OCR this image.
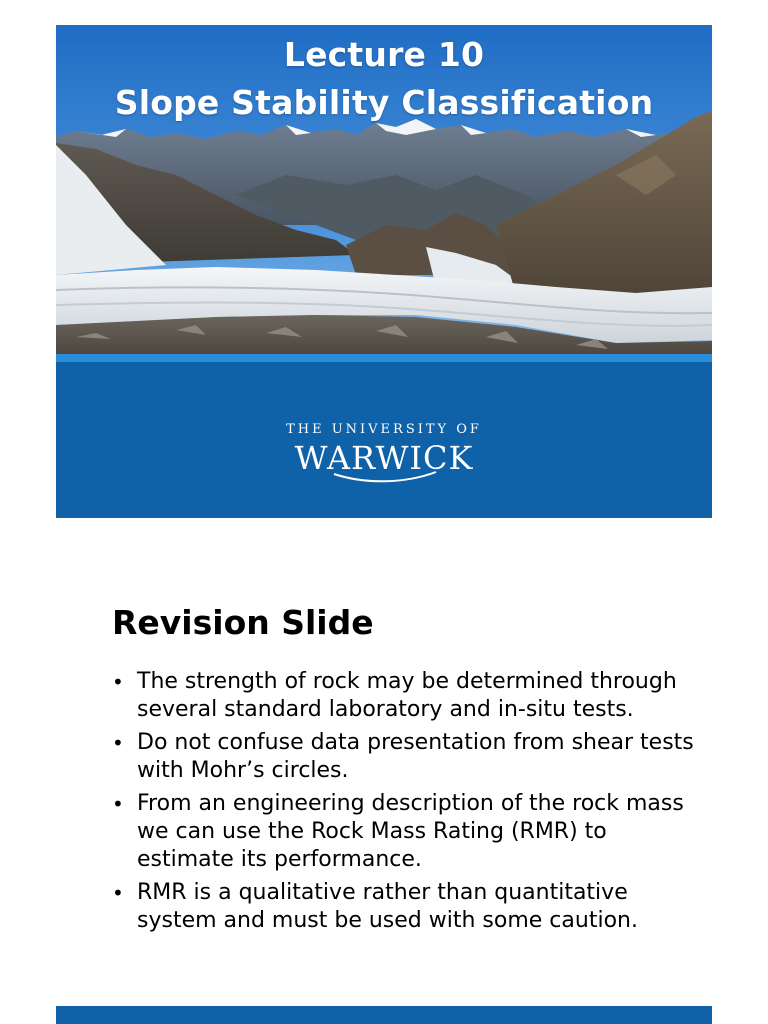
Lecture 10
Slope Stability Classification
THE UNIVERSITY OF
WARWICK
Revision Slide
• The strength of rock may be determined through several standard laboratory and in-situ tests.
• Do not confuse data presentation from shear tests with Mohr’s circles.
• From an engineering description of the rock mass we can use the Rock Mass Rating (RMR) to estimate its performance.
• RMR is a qualitative rather than quantitative system and must be used with some caution.
